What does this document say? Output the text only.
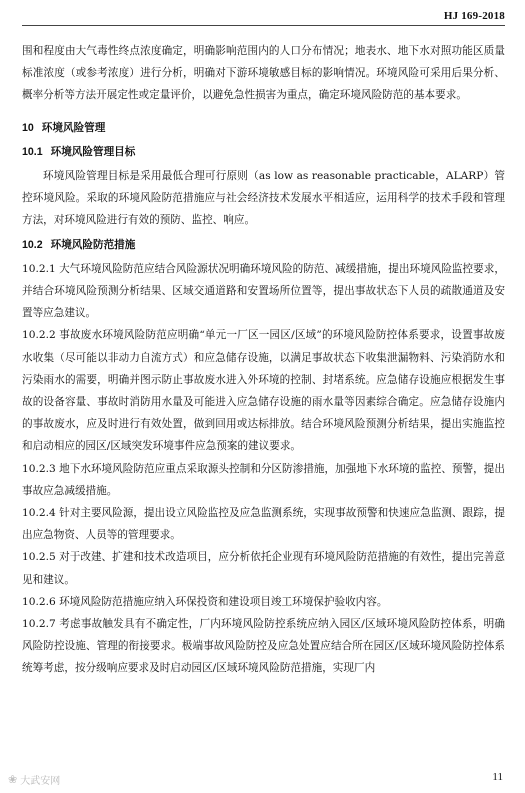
HJ 169-2018

围和程度由大气毒性终点浓度确定，明确影响范围内的人口分布情况；地表水、地下水对照功能区质量标准浓度（或参考浓度）进行分析，明确对下游环境敏感目标的影响情况。环境风险可采用后果分析、概率分析等方法开展定性或定量评价，以避免急性损害为重点，确定环境风险防范的基本要求。

10 环境风险管理
10.1 环境风险管理目标

环境风险管理目标是采用最低合理可行原则（as low as reasonable practicable，ALARP）管控环境风险。采取的环境风险防范措施应与社会经济技术发展水平相适应，运用科学的技术手段和管理方法，对环境风险进行有效的预防、监控、响应。

10.2 环境风险防范措施

10.2.1 大气环境风险防范应结合风险源状况明确环境风险的防范、减缓措施，提出环境风险监控要求，并结合环境风险预测分析结果、区域交通道路和安置场所位置等，提出事故状态下人员的疏散通道及安置等应急建议。

10.2.2 事故废水环境风险防范应明确“单元一厂区一园区/区域”的环境风险防控体系要求，设置事故废水收集（尽可能以非动力自流方式）和应急储存设施，以满足事故状态下收集泄漏物料、污染消防水和污染雨水的需要，明确并图示防止事故废水进入外环境的控制、封堵系统。应急储存设施应根据发生事故的设备容量、事故时消防用水量及可能进入应急储存设施的雨水量等因素综合确定。应急储存设施内的事故废水，应及时进行有效处置，做到回用或达标排放。结合环境风险预测分析结果，提出实施监控和启动相应的园区/区域突发环境事件应急预案的建议要求。

10.2.3 地下水环境风险防范应重点采取源头控制和分区防渗措施，加强地下水环境的监控、预警，提出事故应急减缓措施。

10.2.4 针对主要风险源，提出设立风险监控及应急监测系统，实现事故预警和快速应急监测、跟踪，提出应急物资、人员等的管理要求。

10.2.5 对于改建、扩建和技术改造项目，应分析依托企业现有环境风险防范措施的有效性，提出完善意见和建议。

10.2.6 环境风险防范措施应纳入环保投资和建设项目竣工环境保护验收内容。

10.2.7 考虑事故触发具有不确定性，厂内环境风险防控系统应纳入园区/区域环境风险防控体系，明确风险防控设施、管理的衔接要求。极端事故风险防控及应急处置应结合所在园区/区域环境风险防控体系统筹考虑，按分级响应要求及时启动园区/区域环境风险防范措施，实现厂内

❀ 大武安网	11
